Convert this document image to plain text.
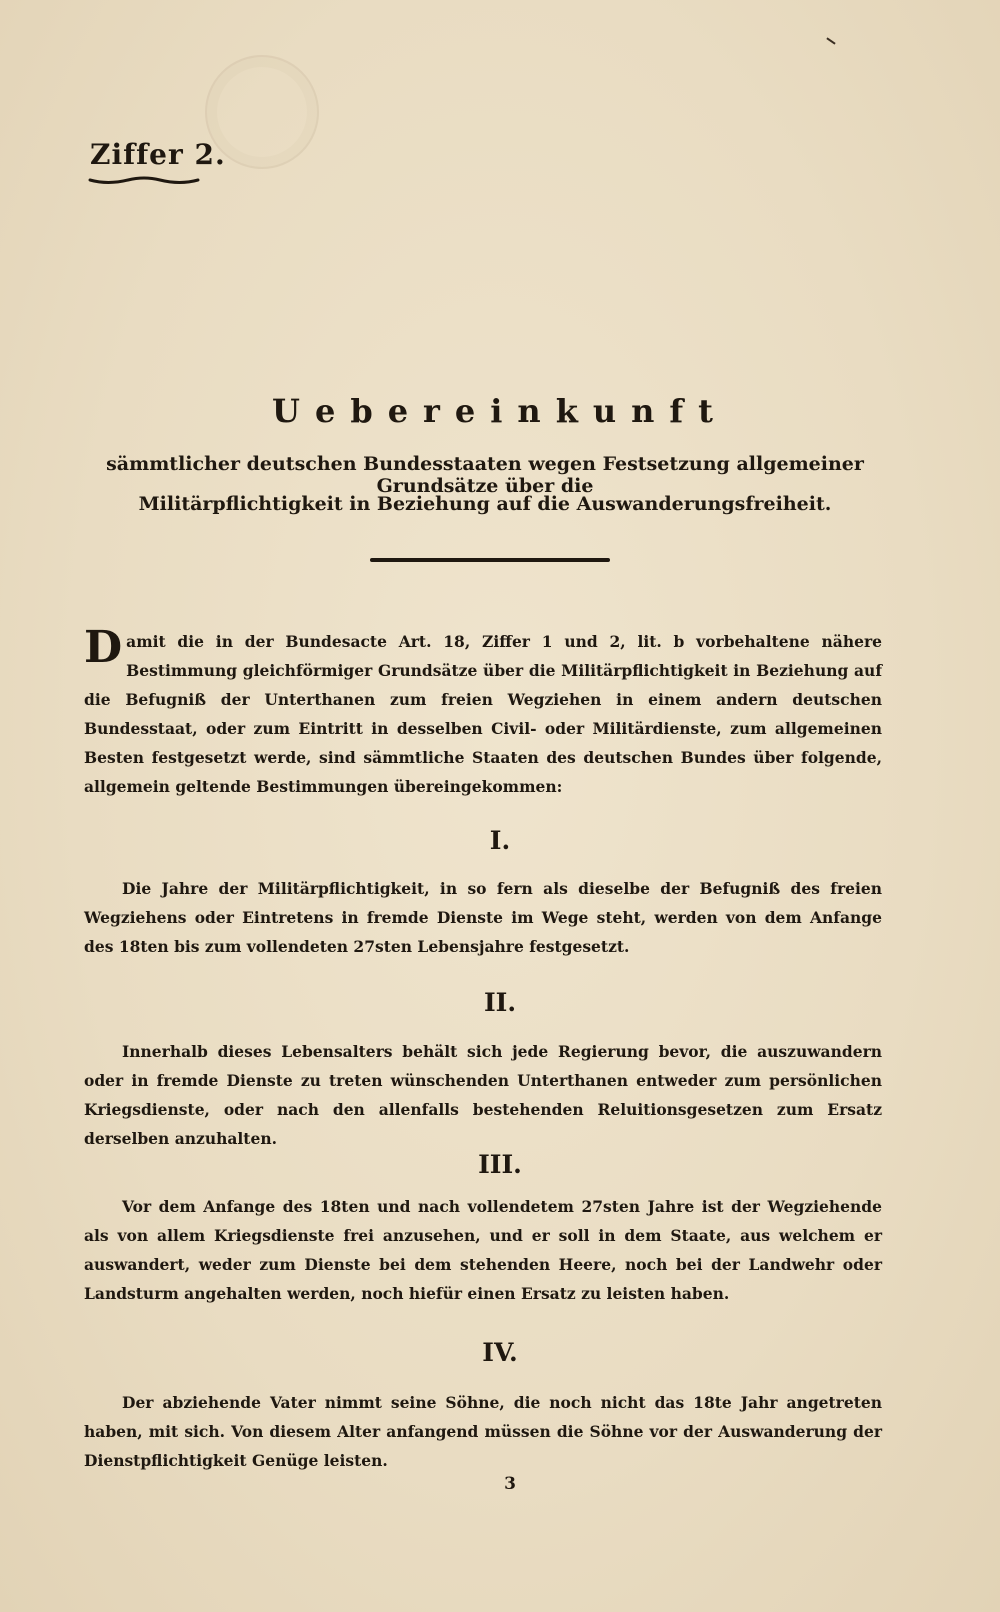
Ziffer 2.
Uebereinkunft
sämmtlicher deutschen Bundesstaaten wegen Festsetzung allgemeiner Grundsätze über die
Militärpflichtigkeit in Beziehung auf die Auswanderungsfreiheit.

Damit die in der Bundesacte Art. 18, Ziffer 1 und 2, lit. b vorbehaltene nähere Bestimmung gleichförmiger Grundsätze über die Militärpflichtigkeit in Beziehung auf die Befugniß der Unterthanen zum freien Wegziehen in einem andern deutschen Bundesstaat, oder zum Eintritt in desselben Civil- oder Militärdienste, zum allgemeinen Besten festgesetzt werde, sind sämmtliche Staaten des deutschen Bundes über folgende, allgemein geltende Bestimmungen übereingekommen:

I.

Die Jahre der Militärpflichtigkeit, in so fern als dieselbe der Befugniß des freien Wegziehens oder Eintretens in fremde Dienste im Wege steht, werden von dem Anfange des 18ten bis zum vollendeten 27sten Lebensjahre festgesetzt.

II.

Innerhalb dieses Lebensalters behält sich jede Regierung bevor, die auszuwandern oder in fremde Dienste zu treten wünschenden Unterthanen entweder zum persönlichen Kriegsdienste, oder nach den allenfalls bestehenden Reluitionsgesetzen zum Ersatz derselben anzuhalten.

III.

Vor dem Anfange des 18ten und nach vollendetem 27sten Jahre ist der Wegziehende als von allem Kriegsdienste frei anzusehen, und er soll in dem Staate, aus welchem er auswandert, weder zum Dienste bei dem stehenden Heere, noch bei der Landwehr oder Landsturm angehalten werden, noch hiefür einen Ersatz zu leisten haben.

IV.

Der abziehende Vater nimmt seine Söhne, die noch nicht das 18te Jahr angetreten haben, mit sich. Von diesem Alter anfangend müssen die Söhne vor der Auswanderung der Dienstpflichtigkeit Genüge leisten.

3
